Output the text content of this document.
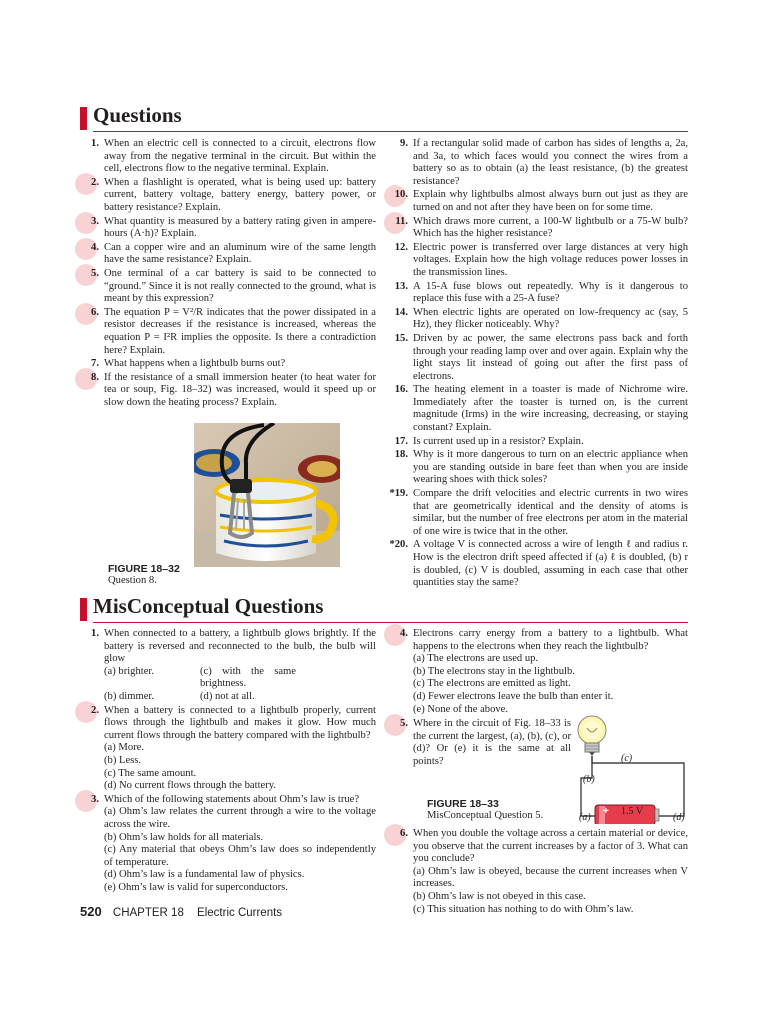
Questions
1. When an electric cell is connected to a circuit, electrons flow away from the negative terminal in the circuit. But within the cell, electrons flow to the negative terminal. Explain.
2. When a flashlight is operated, what is being used up: battery current, battery voltage, battery energy, battery power, or battery resistance? Explain.
3. What quantity is measured by a battery rating given in ampere-hours (A·h)? Explain.
4. Can a copper wire and an aluminum wire of the same length have the same resistance? Explain.
5. One terminal of a car battery is said to be connected to “ground.” Since it is not really connected to the ground, what is meant by this expression?
6. The equation P = V²/R indicates that the power dissipated in a resistor decreases if the resistance is increased, whereas the equation P = I²R implies the opposite. Is there a contradiction here? Explain.
7. What happens when a lightbulb burns out?
8. If the resistance of a small immersion heater (to heat water for tea or soup, Fig. 18–32) was increased, would it speed up or slow down the heating process? Explain.
FIGURE 18–32
Question 8.
9. If a rectangular solid made of carbon has sides of lengths a, 2a, and 3a, to which faces would you connect the wires from a battery so as to obtain (a) the least resistance, (b) the greatest resistance?
10. Explain why lightbulbs almost always burn out just as they are turned on and not after they have been on for some time.
11. Which draws more current, a 100-W lightbulb or a 75-W bulb? Which has the higher resistance?
12. Electric power is transferred over large distances at very high voltages. Explain how the high voltage reduces power losses in the transmission lines.
13. A 15-A fuse blows out repeatedly. Why is it dangerous to replace this fuse with a 25-A fuse?
14. When electric lights are operated on low-frequency ac (say, 5 Hz), they flicker noticeably. Why?
15. Driven by ac power, the same electrons pass back and forth through your reading lamp over and over again. Explain why the light stays lit instead of going out after the first pass of electrons.
16. The heating element in a toaster is made of Nichrome wire. Immediately after the toaster is turned on, is the current magnitude (Irms) in the wire increasing, decreasing, or staying constant? Explain.
17. Is current used up in a resistor? Explain.
18. Why is it more dangerous to turn on an electric appliance when you are standing outside in bare feet than when you are inside wearing shoes with thick soles?
*19. Compare the drift velocities and electric currents in two wires that are geometrically identical and the density of atoms is similar, but the number of free electrons per atom in the material of one wire is twice that in the other.
*20. A voltage V is connected across a wire of length ℓ and radius r. How is the electron drift speed affected if (a) ℓ is doubled, (b) r is doubled, (c) V is doubled, assuming in each case that other quantities stay the same?
MisConceptual Questions
1. When connected to a battery, a lightbulb glows brightly. If the battery is reversed and reconnected to the bulb, the bulb will glow
(a) brighter.	(c) with the same brightness.
(b) dimmer.	(d) not at all.
2. When a battery is connected to a lightbulb properly, current flows through the lightbulb and makes it glow. How much current flows through the battery compared with the lightbulb?
(a) More.
(b) Less.
(c) The same amount.
(d) No current flows through the battery.
3. Which of the following statements about Ohm’s law is true?
(a) Ohm’s law relates the current through a wire to the voltage across the wire.
(b) Ohm’s law holds for all materials.
(c) Any material that obeys Ohm’s law does so independently of temperature.
(d) Ohm’s law is a fundamental law of physics.
(e) Ohm’s law is valid for superconductors.
4. Electrons carry energy from a battery to a lightbulb. What happens to the electrons when they reach the lightbulb?
(a) The electrons are used up.
(b) The electrons stay in the lightbulb.
(c) The electrons are emitted as light.
(d) Fewer electrons leave the bulb than enter it.
(e) None of the above.
5. Where in the circuit of Fig. 18–33 is the current the largest, (a), (b), (c), or (d)? Or (e) it is the same at all points?
+ 1.5 V
(b)
(c)
(a)	(d)
FIGURE 18–33
MisConceptual Question 5.
6. When you double the voltage across a certain material or device, you observe that the current increases by a factor of 3. What can you conclude?
(a) Ohm’s law is obeyed, because the current increases when V increases.
(b) Ohm’s law is not obeyed in this case.
(c) This situation has nothing to do with Ohm’s law.
520 CHAPTER 18 Electric Currents
